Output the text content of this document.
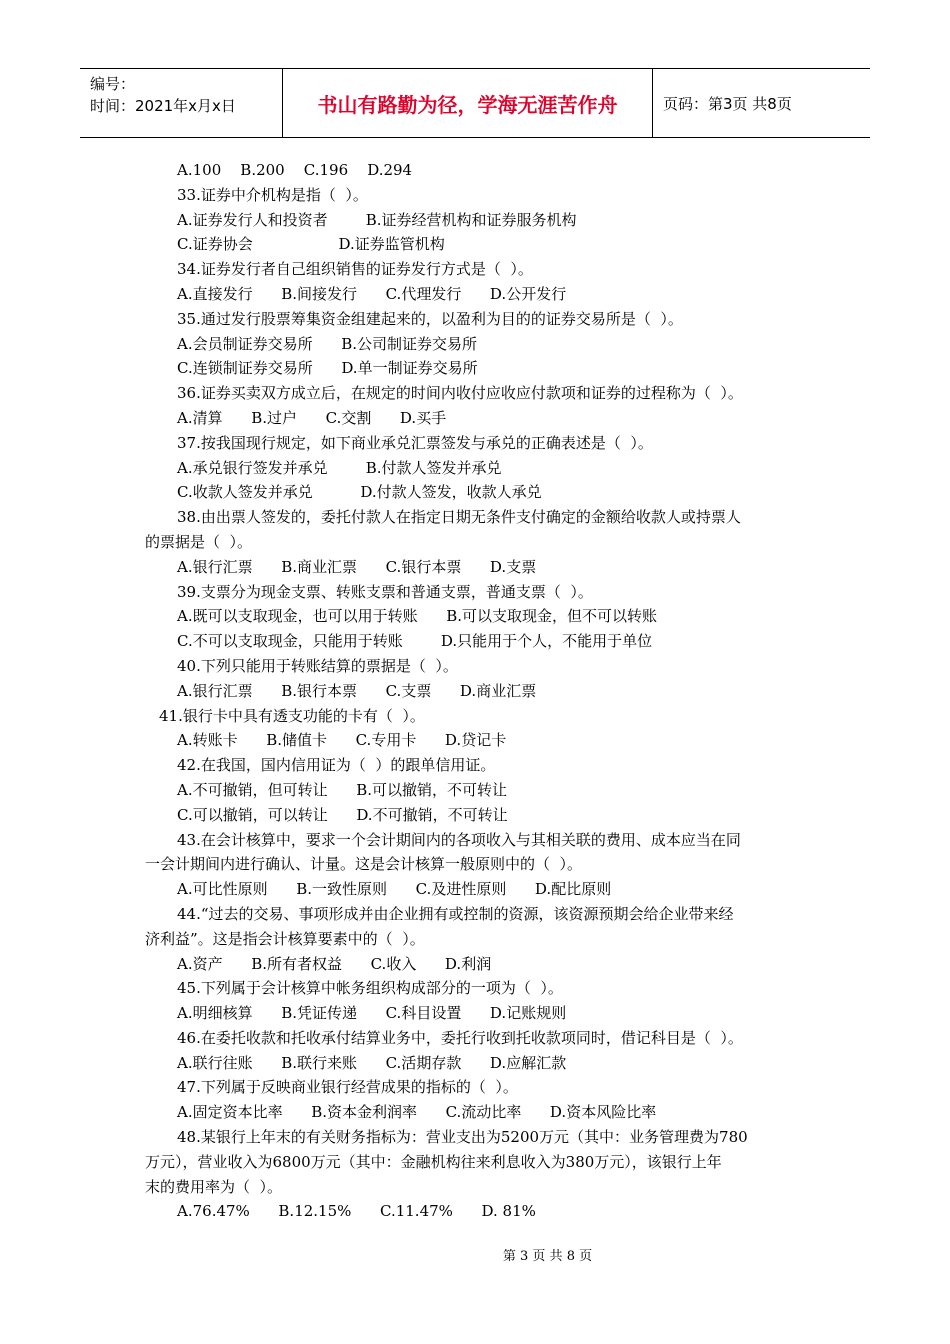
编号：
时间：2021年x月x日	书山有路勤为径，学海无涯苦作舟	页码：第3页 共8页
A.100    B.200    C.196    D.294
33.证券中介机构是指（  ）。
A.证券发行人和投资者        B.证券经营机构和证券服务机构
C.证券协会                  D.证券监管机构
34.证券发行者自己组织销售的证券发行方式是（  ）。
A.直接发行      B.间接发行      C.代理发行      D.公开发行
35.通过发行股票筹集资金组建起来的，以盈利为目的的证券交易所是（  ）。
A.会员制证券交易所      B.公司制证券交易所
C.连锁制证券交易所      D.单一制证券交易所
36.证券买卖双方成立后，在规定的时间内收付应收应付款项和证券的过程称为（  ）。
A.清算      B.过户      C.交割      D.买手
37.按我国现行规定，如下商业承兑汇票签发与承兑的正确表述是（  ）。
A.承兑银行签发并承兑        B.付款人签发并承兑
C.收款人签发并承兑          D.付款人签发，收款人承兑
38.由出票人签发的，委托付款人在指定日期无条件支付确定的金额给收款人或持票人
的票据是（  ）。
A.银行汇票      B.商业汇票      C.银行本票      D.支票
39.支票分为现金支票、转账支票和普通支票，普通支票（  ）。
A.既可以支取现金，也可以用于转账      B.可以支取现金，但不可以转账
C.不可以支取现金，只能用于转账        D.只能用于个人，不能用于单位
40.下列只能用于转账结算的票据是（  ）。
A.银行汇票      B.银行本票      C.支票      D.商业汇票
41.银行卡中具有透支功能的卡有（  ）。
A.转账卡      B.储值卡      C.专用卡      D.贷记卡
42.在我国，国内信用证为（  ）的跟单信用证。
A.不可撤销，但可转让      B.可以撤销，不可转让
C.可以撤销，可以转让      D.不可撤销，不可转让
43.在会计核算中，要求一个会计期间内的各项收入与其相关联的费用、成本应当在同
一会计期间内进行确认、计量。这是会计核算一般原则中的（  ）。
A.可比性原则      B.一致性原则      C.及进性原则      D.配比原则
44.“过去的交易、事项形成并由企业拥有或控制的资源，该资源预期会给企业带来经
济利益”。这是指会计核算要素中的（  ）。
A.资产      B.所有者权益      C.收入      D.利润
45.下列属于会计核算中帐务组织构成部分的一项为（  ）。
A.明细核算      B.凭证传递      C.科目设置      D.记账规则
46.在委托收款和托收承付结算业务中，委托行收到托收款项同时，借记科目是（  ）。
A.联行往账      B.联行来账      C.活期存款      D.应解汇款
47.下列属于反映商业银行经营成果的指标的（  ）。
A.固定资本比率      B.资本金利润率      C.流动比率      D.资本风险比率
48.某银行上年末的有关财务指标为：营业支出为5200万元（其中：业务管理费为780
万元），营业收入为6800万元（其中：金融机构往来利息收入为380万元），该银行上年
末的费用率为（  ）。
A.76.47%      B.12.15%      C.11.47%      D. 81%
第 3 页 共 8 页
